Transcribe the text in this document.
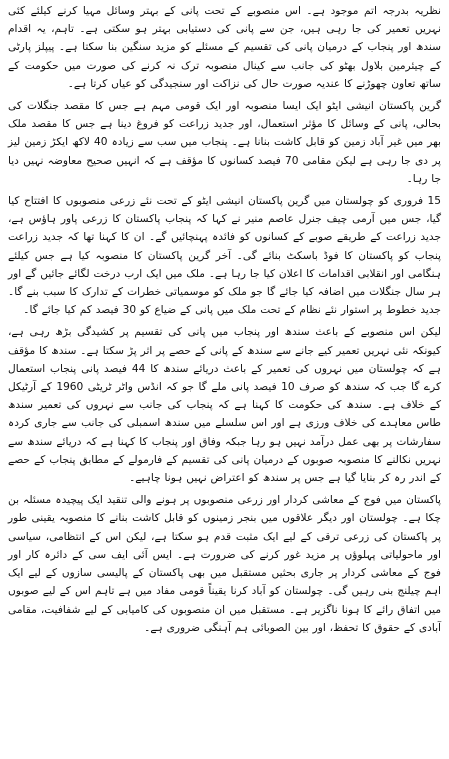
نظریہ بدرجہ اتم موجود ہے۔ اس منصوبے کے تحت پانی کے بہتر وسائل مہیا کرنے کیلئے کئی نہریں تعمیر کی جا رہی ہیں، جن سے پانی کی دستیابی بہتر ہو سکتی ہے۔ تاہم، یہ اقدام سندھ اور پنجاب کے درمیان پانی کی تقسیم کے مسئلے کو مزید سنگین بنا سکتا ہے۔ پیپلز پارٹی کے چیئرمین بلاول بھٹو کی جانب سے کینال منصوبہ ترک نہ کرنے کی صورت میں حکومت کے ساتھ تعاون چھوڑنے کا عندیہ صورت حال کی نزاکت اور سنجیدگی کو عیاں کرتا ہے۔

گرین پاکستان انیشی ایٹو ایک ایسا منصوبہ اور ایک قومی مہم ہے جس کا مقصد جنگلات کی بحالی، پانی کے وسائل کا مؤثر استعمال، اور جدید زراعت کو فروغ دینا ہے جس کا مقصد ملک بھر میں غیر آباد زمین کو قابل کاشت بنانا ہے۔ پنجاب میں سب سے زیادہ 40 لاکھ ایکڑ زمین لیز پر دی جا رہی ہے لیکن مقامی 70 فیصد کسانوں کا مؤقف ہے کہ انہیں صحیح معاوضہ نہیں دیا جا رہا۔

15 فروری کو چولستان میں گرین پاکستان انیشی ایٹو کے تحت نئے زرعی منصوبوں کا افتتاح کیا گیا، جس میں آرمی چیف جنرل عاصم منیر نے کہا کہ پنجاب پاکستان کا زرعی پاور ہاؤس ہے، جدید زراعت کے طریقے صوبے کے کسانوں کو فائدہ پہنچائیں گے۔ ان کا کہنا تھا کہ جدید زراعت پنجاب کو پاکستان کا فوڈ باسکٹ بنائے گی۔ آخر گرین پاکستان کا منصوبہ کیا ہے جس کیلئے ہنگامی اور انقلابی اقدامات کا اعلان کیا جا رہا ہے۔ ملک میں ایک ارب درخت لگائے جائیں گے اور ہر سال جنگلات میں اضافہ کیا جائے گا جو ملک کو موسمیاتی خطرات کے تدارک کا سبب بنے گا۔ جدید خطوط پر استوار نئے نظام کے تحت ملک میں پانی کے ضیاع کو 30 فیصد کم کیا جائے گا۔

لیکن اس منصوبے کے باعث سندھ اور پنجاب میں پانی کی تقسیم پر کشیدگی بڑھ رہی ہے، کیونکہ نئی نہریں تعمیر کیے جانے سے سندھ کے پانی کے حصے پر اثر پڑ سکتا ہے۔ سندھ کا مؤقف ہے کہ چولستان میں نہروں کی تعمیر کے باعث دریائے سندھ کا 44 فیصد پانی پنجاب استعمال کرے گا جب کہ سندھ کو صرف 10 فیصد پانی ملے گا جو کہ انڈس واٹر ٹریٹی 1960 کے آرٹیکل کے خلاف ہے۔ سندھ کی حکومت کا کہنا ہے کہ پنجاب کی جانب سے نہروں کی تعمیر سندھ طاس معاہدے کی خلاف ورزی ہے اور اس سلسلے میں سندھ اسمبلی کی جانب سے جاری کردہ سفارشات پر بھی عمل درآمد نہیں ہو رہا جبکہ وفاق اور پنجاب کا کہنا ہے کہ دریائے سندھ سے نہریں نکالنے کا منصوبہ صوبوں کے درمیان پانی کی تقسیم کے فارمولے کے مطابق پنجاب کے حصے کے اندر رہ کر بنایا گیا ہے جس پر سندھ کو اعتراض نہیں ہونا چاہیے۔

پاکستان میں فوج کے معاشی کردار اور زرعی منصوبوں پر ہونے والی تنقید ایک پیچیدہ مسئلہ بن چکا ہے۔ چولستان اور دیگر علاقوں میں بنجر زمینوں کو قابل کاشت بنانے کا منصوبہ یقینی طور پر پاکستان کی زرعی ترقی کے لیے ایک مثبت قدم ہو سکتا ہے، لیکن اس کے انتظامی، سیاسی اور ماحولیاتی پہلوؤں پر مزید غور کرنے کی ضرورت ہے۔ ایس آئی ایف سی کے دائرہ کار اور فوج کے معاشی کردار پر جاری بحثیں مستقبل میں بھی پاکستان کے پالیسی سازوں کے لیے ایک اہم چیلنج بنی رہیں گی۔ چولستان کو آباد کرنا یقیناً قومی مفاد میں ہے تاہم اس کے لیے صوبوں میں اتفاق رائے کا ہونا ناگزیر ہے۔ مستقبل میں ان منصوبوں کی کامیابی کے لیے شفافیت، مقامی آبادی کے حقوق کا تحفظ، اور بین الصوبائی ہم آہنگی ضروری ہے۔
